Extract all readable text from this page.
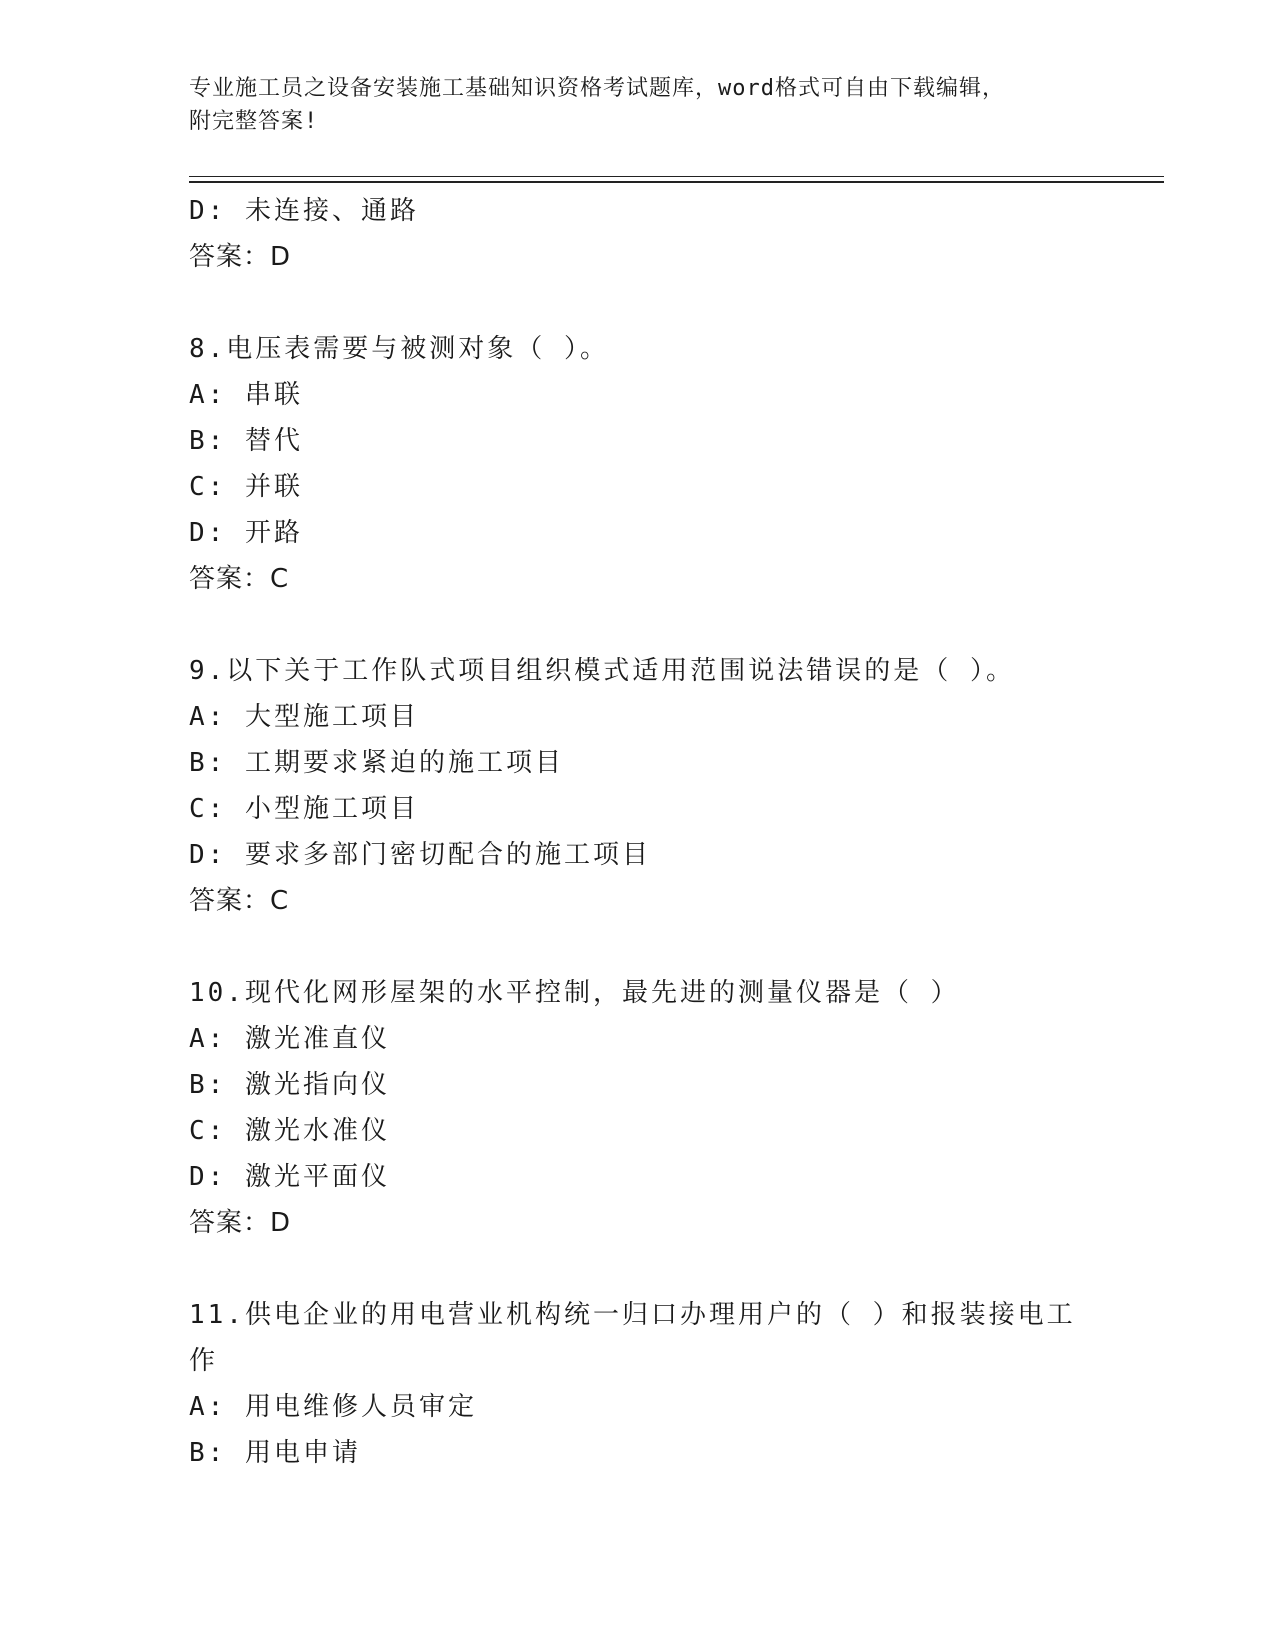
专业施工员之设备安装施工基础知识资格考试题库，word格式可自由下载编辑，
附完整答案!
D: 未连接、通路
答案：D
8.电压表需要与被测对象（ ）。
A: 串联
B: 替代
C: 并联
D: 开路
答案：C
9.以下关于工作队式项目组织模式适用范围说法错误的是（ ）。
A: 大型施工项目
B: 工期要求紧迫的施工项目
C: 小型施工项目
D: 要求多部门密切配合的施工项目
答案：C
10.现代化网形屋架的水平控制，最先进的测量仪器是（ ）
A: 激光准直仪
B: 激光指向仪
C: 激光水准仪
D: 激光平面仪
答案：D
11.供电企业的用电营业机构统一归口办理用户的（ ）和报装接电工
作
A: 用电维修人员审定
B: 用电申请
